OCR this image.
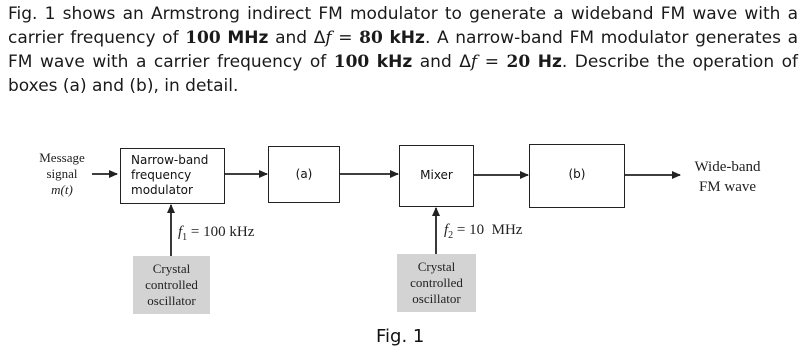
Fig. 1 shows an Armstrong indirect FM modulator to generate a wideband FM wave with a carrier frequency of 100 MHz and Δf = 80 kHz. A narrow-band FM modulator generates a FM wave with a carrier frequency of 100 kHz and Δf = 20 Hz. Describe the operation of boxes (a) and (b), in detail.
Message
signal
m(t)
Narrow-band
frequency
modulator
(a)	Mixer	(b)	Wide-band
FM wave
$f_1 = 100$ kHz	$f_2 = 10$  MHz
Crystal
controlled
oscillator
Crystal
controlled
oscillator
Fig. 1
